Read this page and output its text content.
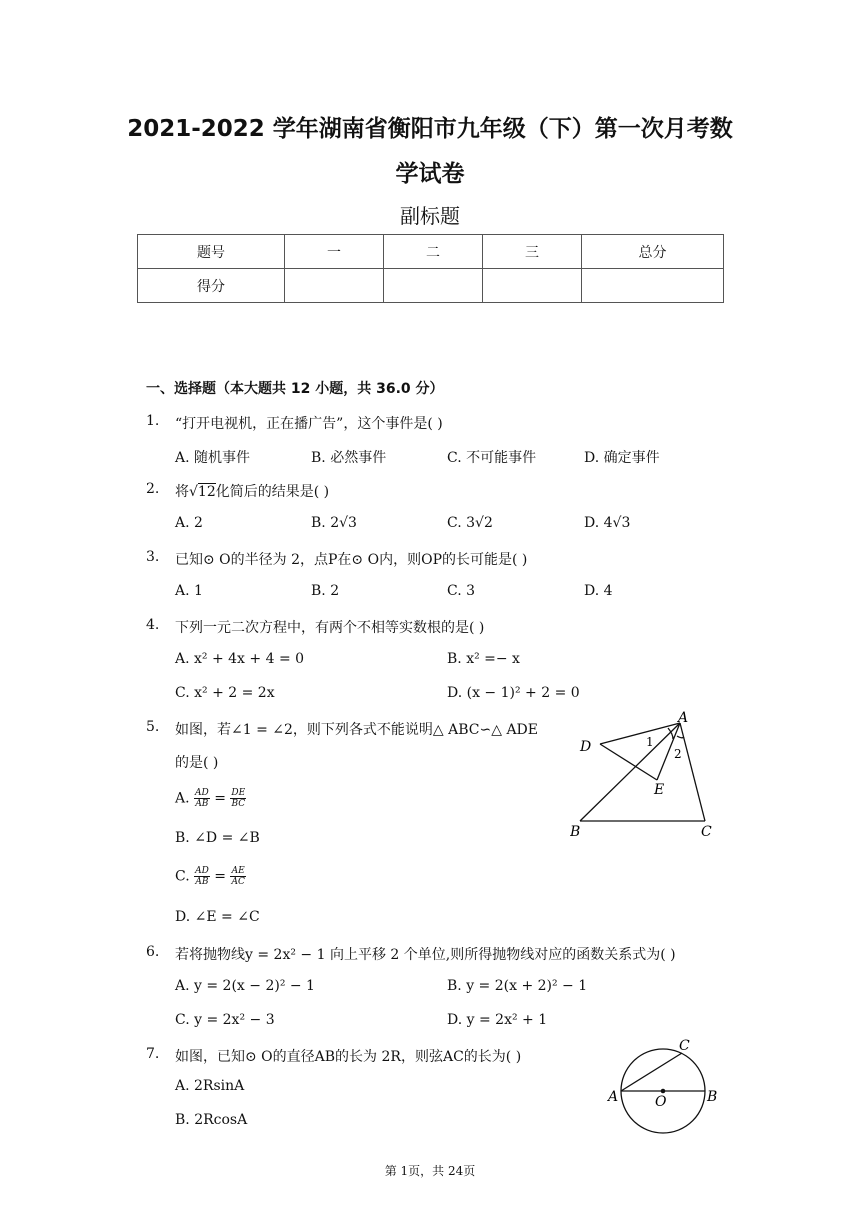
2021-2022 学年湖南省衡阳市九年级（下）第一次月考数
学试卷
副标题
题号	一	二	三	总分
得分				
一、选择题（本大题共 12 小题，共 36.0 分）
1. “打开电视机，正在播广告”，这个事件是( )
A. 随机事件	B. 必然事件	C. 不可能事件	D. 确定事件
2. 将√12化简后的结果是( )
A. 2	B. 2√3	C. 3√2	D. 4√3
3. 已知⊙ O的半径为 2，点P在⊙ O内，则OP的长可能是( )
A. 1	B. 2	C. 3	D. 4
4. 下列一元二次方程中，有两个不相等实数根的是( )
A. x² + 4x + 4 = 0	B. x² =− x
C. x² + 2 = 2x	D. (x − 1)² + 2 = 0
5. 如图，若∠1 = ∠2，则下列各式不能说明△ ABC∽△ ADE
的是( )
A. $\frac{AD}{AB} = \frac{DE}{BC}$
B. ∠D = ∠B
C. $\frac{AD}{AB} = \frac{AE}{AC}$
D. ∠E = ∠C
A
B	C
D
E
1
2
6. 若将抛物线y = 2x² − 1 向上平移 2 个单位,则所得抛物线对应的函数关系式为( )
A. y = 2(x − 2)² − 1	B. y = 2(x + 2)² − 1
C. y = 2x² − 3	D. y = 2x² + 1
7. 如图，已知⊙ O的直径AB的长为 2R，则弦AC的长为( )
A. 2RsinA
B. 2RcosA
A	B
C
O
第 1页，共 24页
